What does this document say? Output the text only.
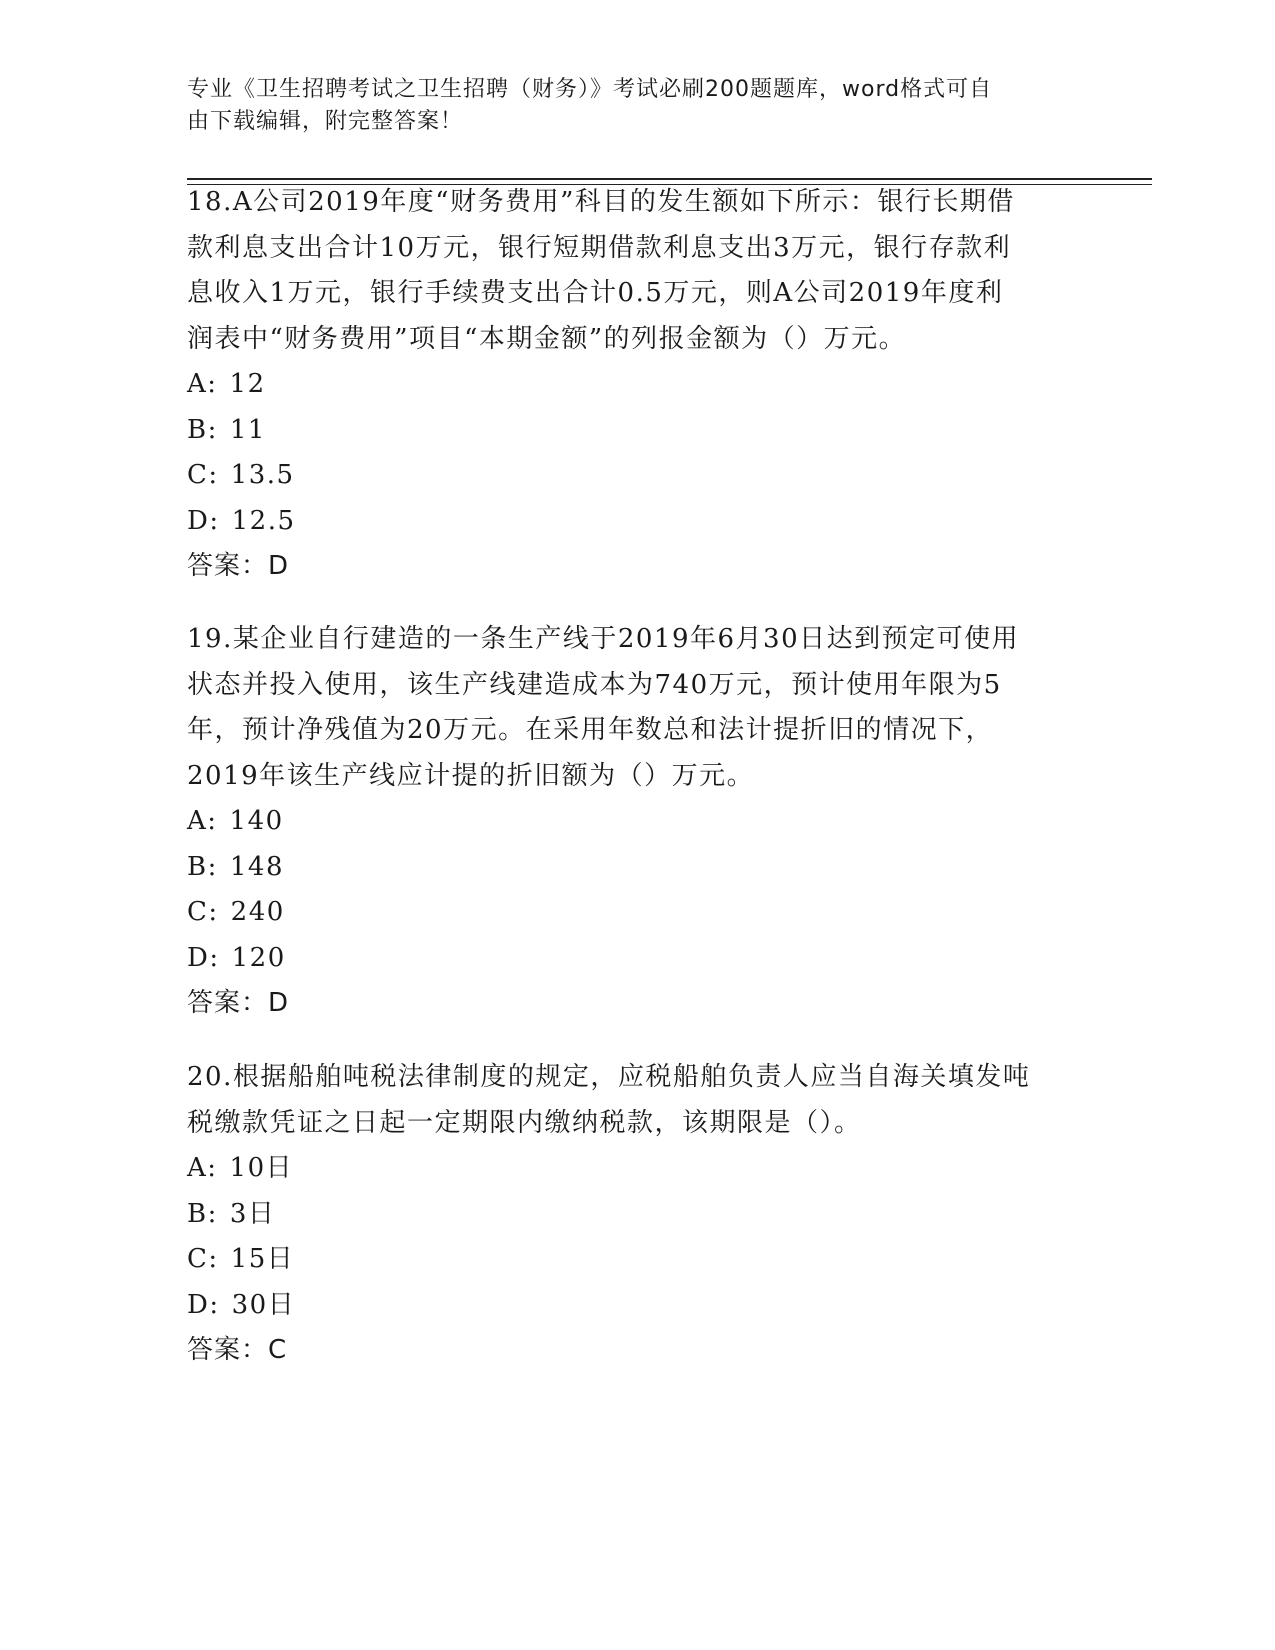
专业《卫生招聘考试之卫生招聘（财务）》考试必刷200题题库，word格式可自
由下载编辑，附完整答案！

18.A公司2019年度“财务费用”科目的发生额如下所示：银行长期借

款利息支出合计10万元，银行短期借款利息支出3万元，银行存款利

息收入1万元，银行手续费支出合计0.5万元，则A公司2019年度利

润表中“财务费用”项目“本期金额”的列报金额为（）万元。

A: 12
B: 11
C: 13.5
D: 12.5

答案：D

19.某企业自行建造的一条生产线于2019年6月30日达到预定可使用

状态并投入使用，该生产线建造成本为740万元，预计使用年限为5

年，预计净残值为20万元。在采用年数总和法计提折旧的情况下，

2019年该生产线应计提的折旧额为（）万元。

A: 140
B: 148
C: 240
D: 120

答案：D

20.根据船舶吨税法律制度的规定，应税船舶负责人应当自海关填发吨

税缴款凭证之日起一定期限内缴纳税款，该期限是（）。

A: 10日
B: 3日
C: 15日
D: 30日

答案：C
